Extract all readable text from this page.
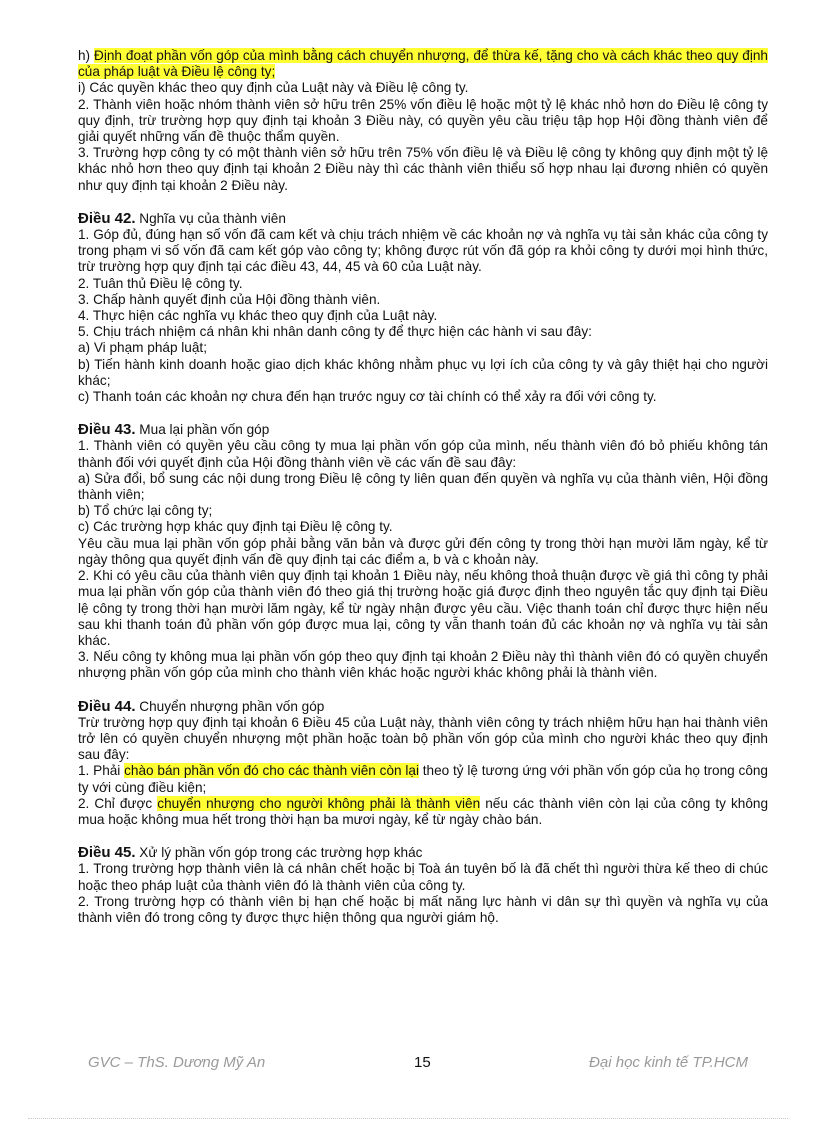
h) Định đoạt phần vốn góp của mình bằng cách chuyển nhượng, để thừa kế, tặng cho và cách khác theo quy định của pháp luật và Điều lệ công ty;

i) Các quyền khác theo quy định của Luật này và Điều lệ công ty.

2. Thành viên hoặc nhóm thành viên sở hữu trên 25% vốn điều lệ hoặc một tỷ lệ khác nhỏ hơn do Điều lệ công ty quy định, trừ trường hợp quy định tại khoản 3 Điều này, có quyền yêu cầu triệu tập họp Hội đồng thành viên để giải quyết những vấn đề thuộc thẩm quyền.

3. Trường hợp công ty có một thành viên sở hữu trên 75% vốn điều lệ và Điều lệ công ty không quy định một tỷ lệ khác nhỏ hơn theo quy định tại khoản 2 Điều này thì các thành viên thiểu số hợp nhau lại đương nhiên có quyền như quy định tại khoản 2 Điều này.

Điều 42. Nghĩa vụ của thành viên

1. Góp đủ, đúng hạn số vốn đã cam kết và chịu trách nhiệm về các khoản nợ và nghĩa vụ tài sản khác của công ty trong phạm vi số vốn đã cam kết góp vào công ty; không được rút vốn đã góp ra khỏi công ty dưới mọi hình thức, trừ trường hợp quy định tại các điều 43, 44, 45 và 60 của Luật này.

2. Tuân thủ Điều lệ công ty.

3. Chấp hành quyết định của Hội đồng thành viên.

4. Thực hiện các nghĩa vụ khác theo quy định của Luật này.

5. Chịu trách nhiệm cá nhân khi nhân danh công ty để thực hiện các hành vi sau đây:

a) Vi phạm pháp luật;

b) Tiến hành kinh doanh hoặc giao dịch khác không nhằm phục vụ lợi ích của công ty và gây thiệt hại cho người khác;

c) Thanh toán các khoản nợ chưa đến hạn trước nguy cơ tài chính có thể xảy ra đối với công ty.

Điều 43. Mua lại phần vốn góp

1. Thành viên có quyền yêu cầu công ty mua lại phần vốn góp của mình, nếu thành viên đó bỏ phiếu không tán thành đối với quyết định của Hội đồng thành viên về các vấn đề sau đây:

a) Sửa đổi, bổ sung các nội dung trong Điều lệ công ty liên quan đến quyền và nghĩa vụ của thành viên, Hội đồng thành viên;

b) Tổ chức lại công ty;

c) Các trường hợp khác quy định tại Điều lệ công ty.

Yêu cầu mua lại phần vốn góp phải bằng văn bản và được gửi đến công ty trong thời hạn mười lăm ngày, kể từ ngày thông qua quyết định vấn đề quy định tại các điểm a, b và c khoản này.

2. Khi có yêu cầu của thành viên quy định tại khoản 1 Điều này, nếu không thoả thuận được về giá thì công ty phải mua lại phần vốn góp của thành viên đó theo giá thị trường hoặc giá được định theo nguyên tắc quy định tại Điều lệ công ty trong thời hạn mười lăm ngày, kể từ ngày nhận được yêu cầu. Việc thanh toán chỉ được thực hiện nếu sau khi thanh toán đủ phần vốn góp được mua lại, công ty vẫn thanh toán đủ các khoản nợ và nghĩa vụ tài sản khác.

3. Nếu công ty không mua lại phần vốn góp theo quy định tại khoản 2 Điều này thì thành viên đó có quyền chuyển nhượng phần vốn góp của mình cho thành viên khác hoặc người khác không phải là thành viên.

Điều 44. Chuyển nhượng phần vốn góp

Trừ trường hợp quy định tại khoản 6 Điều 45 của Luật này, thành viên công ty trách nhiệm hữu hạn hai thành viên trở lên có quyền chuyển nhượng một phần hoặc toàn bộ phần vốn góp của mình cho người khác theo quy định sau đây:

1. Phải chào bán phần vốn đó cho các thành viên còn lại theo tỷ lệ tương ứng với phần vốn góp của họ trong công ty với cùng điều kiện;

2. Chỉ được chuyển nhượng cho người không phải là thành viên nếu các thành viên còn lại của công ty không mua hoặc không mua hết trong thời hạn ba mươi ngày, kể từ ngày chào bán.

Điều 45. Xử lý phần vốn góp trong các trường hợp khác

1. Trong trường hợp thành viên là cá nhân chết hoặc bị Toà án tuyên bố là đã chết thì người thừa kế theo di chúc hoặc theo pháp luật của thành viên đó là thành viên của công ty.

2. Trong trường hợp có thành viên bị hạn chế hoặc bị mất năng lực hành vi dân sự thì quyền và nghĩa vụ của thành viên đó trong công ty được thực hiện thông qua người giám hộ.

GVC – ThS. Dương Mỹ An	15	Đại học kinh tế TP.HCM
